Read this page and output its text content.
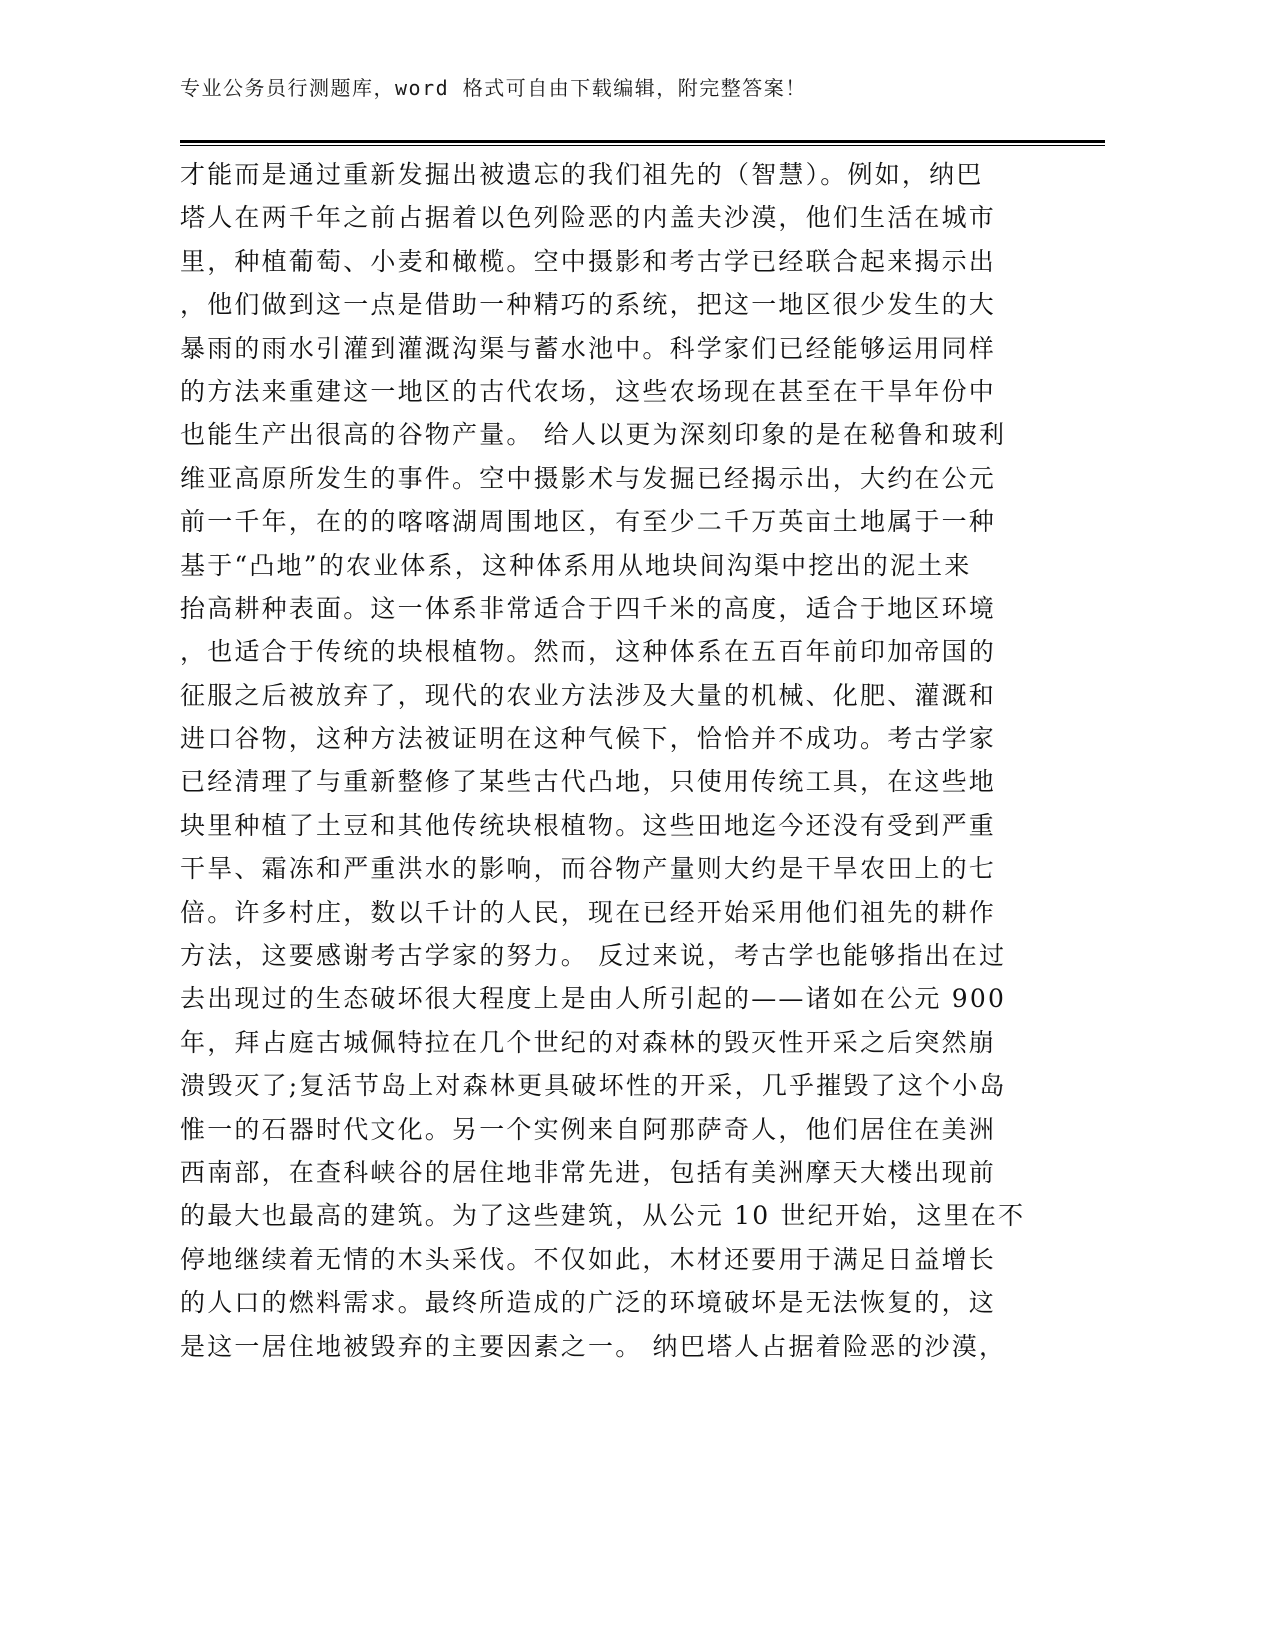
专业公务员行测题库，word 格式可自由下载编辑，附完整答案！
才能而是通过重新发掘出被遗忘的我们祖先的（智慧）。例如，纳巴
塔人在两千年之前占据着以色列险恶的内盖夫沙漠，他们生活在城市
里，种植葡萄、小麦和橄榄。空中摄影和考古学已经联合起来揭示出
，他们做到这一点是借助一种精巧的系统，把这一地区很少发生的大
暴雨的雨水引灌到灌溉沟渠与蓄水池中。科学家们已经能够运用同样
的方法来重建这一地区的古代农场，这些农场现在甚至在干旱年份中
也能生产出很高的谷物产量。 给人以更为深刻印象的是在秘鲁和玻利
维亚高原所发生的事件。空中摄影术与发掘已经揭示出，大约在公元
前一千年，在的的喀喀湖周围地区，有至少二千万英亩土地属于一种
基于“凸地”的农业体系，这种体系用从地块间沟渠中挖出的泥土来
抬高耕种表面。这一体系非常适合于四千米的高度，适合于地区环境
，也适合于传统的块根植物。然而，这种体系在五百年前印加帝国的
征服之后被放弃了，现代的农业方法涉及大量的机械、化肥、灌溉和
进口谷物，这种方法被证明在这种气候下，恰恰并不成功。考古学家
已经清理了与重新整修了某些古代凸地，只使用传统工具，在这些地
块里种植了土豆和其他传统块根植物。这些田地迄今还没有受到严重
干旱、霜冻和严重洪水的影响，而谷物产量则大约是干旱农田上的七
倍。许多村庄，数以千计的人民，现在已经开始采用他们祖先的耕作
方法，这要感谢考古学家的努力。 反过来说，考古学也能够指出在过
去出现过的生态破坏很大程度上是由人所引起的——诸如在公元 900
年，拜占庭古城佩特拉在几个世纪的对森林的毁灭性开采之后突然崩
溃毁灭了;复活节岛上对森林更具破坏性的开采，几乎摧毁了这个小岛
惟一的石器时代文化。另一个实例来自阿那萨奇人，他们居住在美洲
西南部，在查科峡谷的居住地非常先进，包括有美洲摩天大楼出现前
的最大也最高的建筑。为了这些建筑，从公元 10 世纪开始，这里在不
停地继续着无情的木头采伐。不仅如此，木材还要用于满足日益增长
的人口的燃料需求。最终所造成的广泛的环境破坏是无法恢复的，这
是这一居住地被毁弃的主要因素之一。 纳巴塔人占据着险恶的沙漠，
